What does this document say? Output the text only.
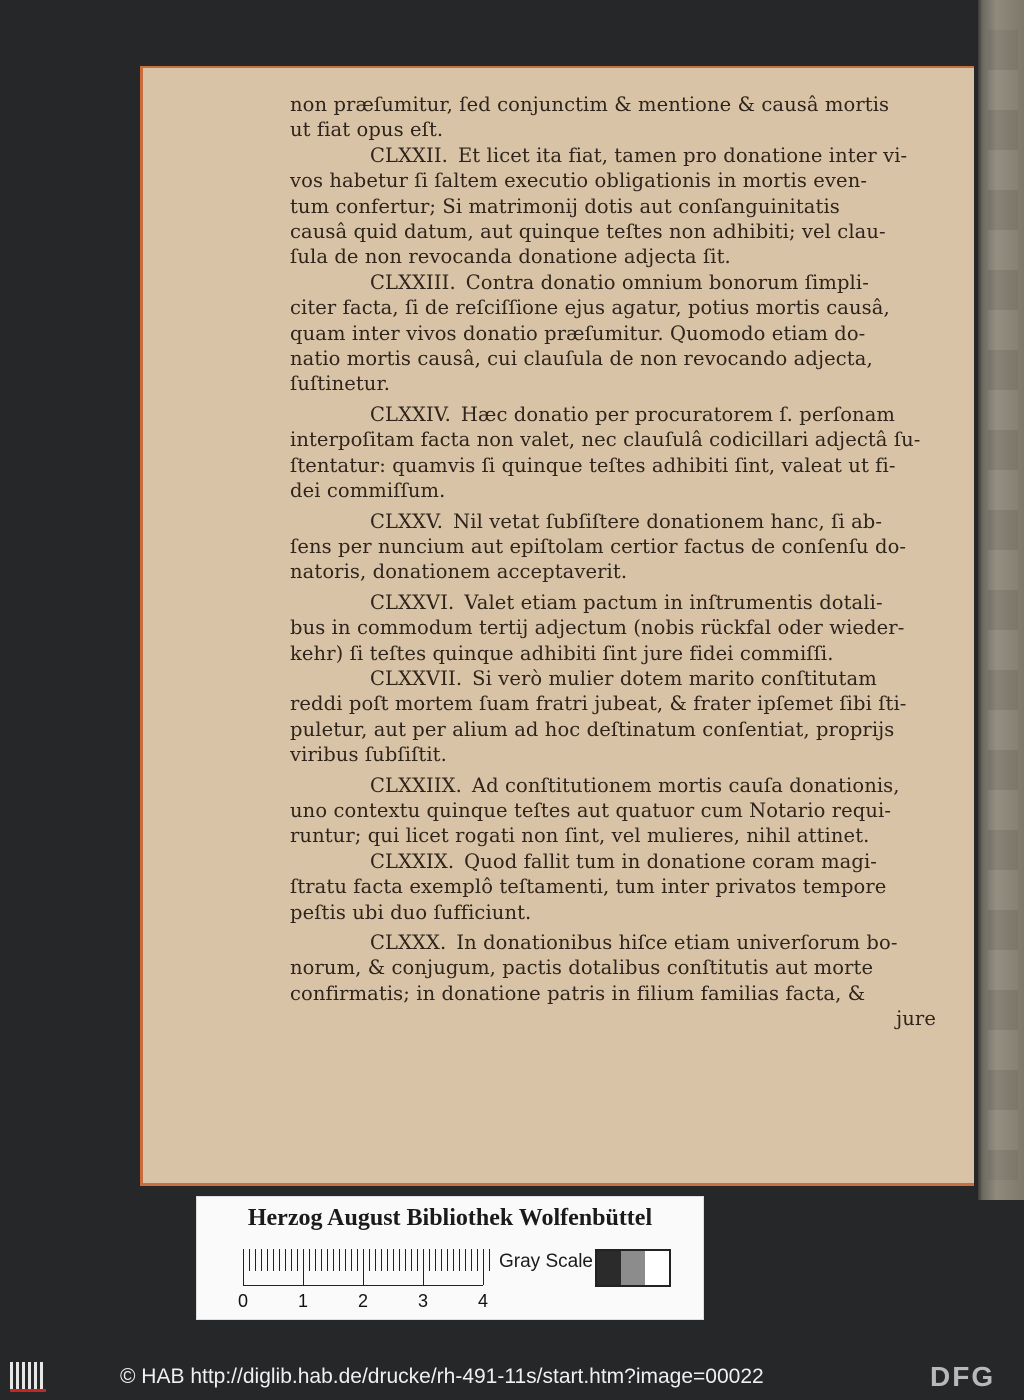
non præſumitur, ſed conjunctim & mentione & causâ mortis

ut fiat opus eſt.

CLXXII. Et licet ita fiat, tamen pro donatione inter vi-

vos habetur ſi ſaltem executio obligationis in mortis even-

tum confertur; Si matrimonij dotis aut conſanguinitatis

causâ quid datum, aut quinque teſtes non adhibiti; vel clau-

ſula de non revocanda donatione adjecta ſit.

CLXXIII. Contra donatio omnium bonorum ſimpli-

citer facta, ſi de reſciſſione ejus agatur, potius mortis causâ,

quam inter vivos donatio præſumitur. Quomodo etiam do-

natio mortis causâ, cui clauſula de non revocando adjecta,

ſuſtinetur.

CLXXIV. Hæc donatio per procuratorem ſ. perſonam

interpoſitam facta non valet, nec clauſulâ codicillari adjectâ ſu-

ſtentatur: quamvis ſi quinque teſtes adhibiti ſint, valeat ut fi-

dei commiſſum.

CLXXV. Nil vetat ſubſiſtere donationem hanc, ſi ab-

ſens per nuncium aut epiſtolam certior factus de conſenſu do-

natoris, donationem acceptaverit.

CLXXVI. Valet etiam pactum in inſtrumentis dotali-

bus in commodum tertij adjectum (nobis rückfal oder wieder-

kehr) ſi teſtes quinque adhibiti ſint jure fidei commiſſi.

CLXXVII. Si verò mulier dotem marito conſtitutam

reddi poſt mortem ſuam fratri jubeat, & frater ipſemet ſibi ſti-

puletur, aut per alium ad hoc deſtinatum conſentiat, proprijs

viribus ſubſiſtit.

CLXXIIX. Ad conſtitutionem mortis cauſa donationis,

uno contextu quinque teſtes aut quatuor cum Notario requi-

runtur; qui licet rogati non ſint, vel mulieres, nihil attinet.

CLXXIX. Quod fallit tum in donatione coram magi-

ſtratu facta exemplô teſtamenti, tum inter privatos tempore

peſtis ubi duo ſufficiunt.

CLXXX. In donationibus hiſce etiam univerſorum bo-

norum, & conjugum, pactis dotalibus conſtitutis aut morte

confirmatis; in donatione patris in filium familias facta, &

jure

Herzog August Bibliothek Wolfenbüttel
0	1	2	3	4
Gray Scale
© HAB http://diglib.hab.de/drucke/rh-491-11s/start.htm?image=00022	DFG
